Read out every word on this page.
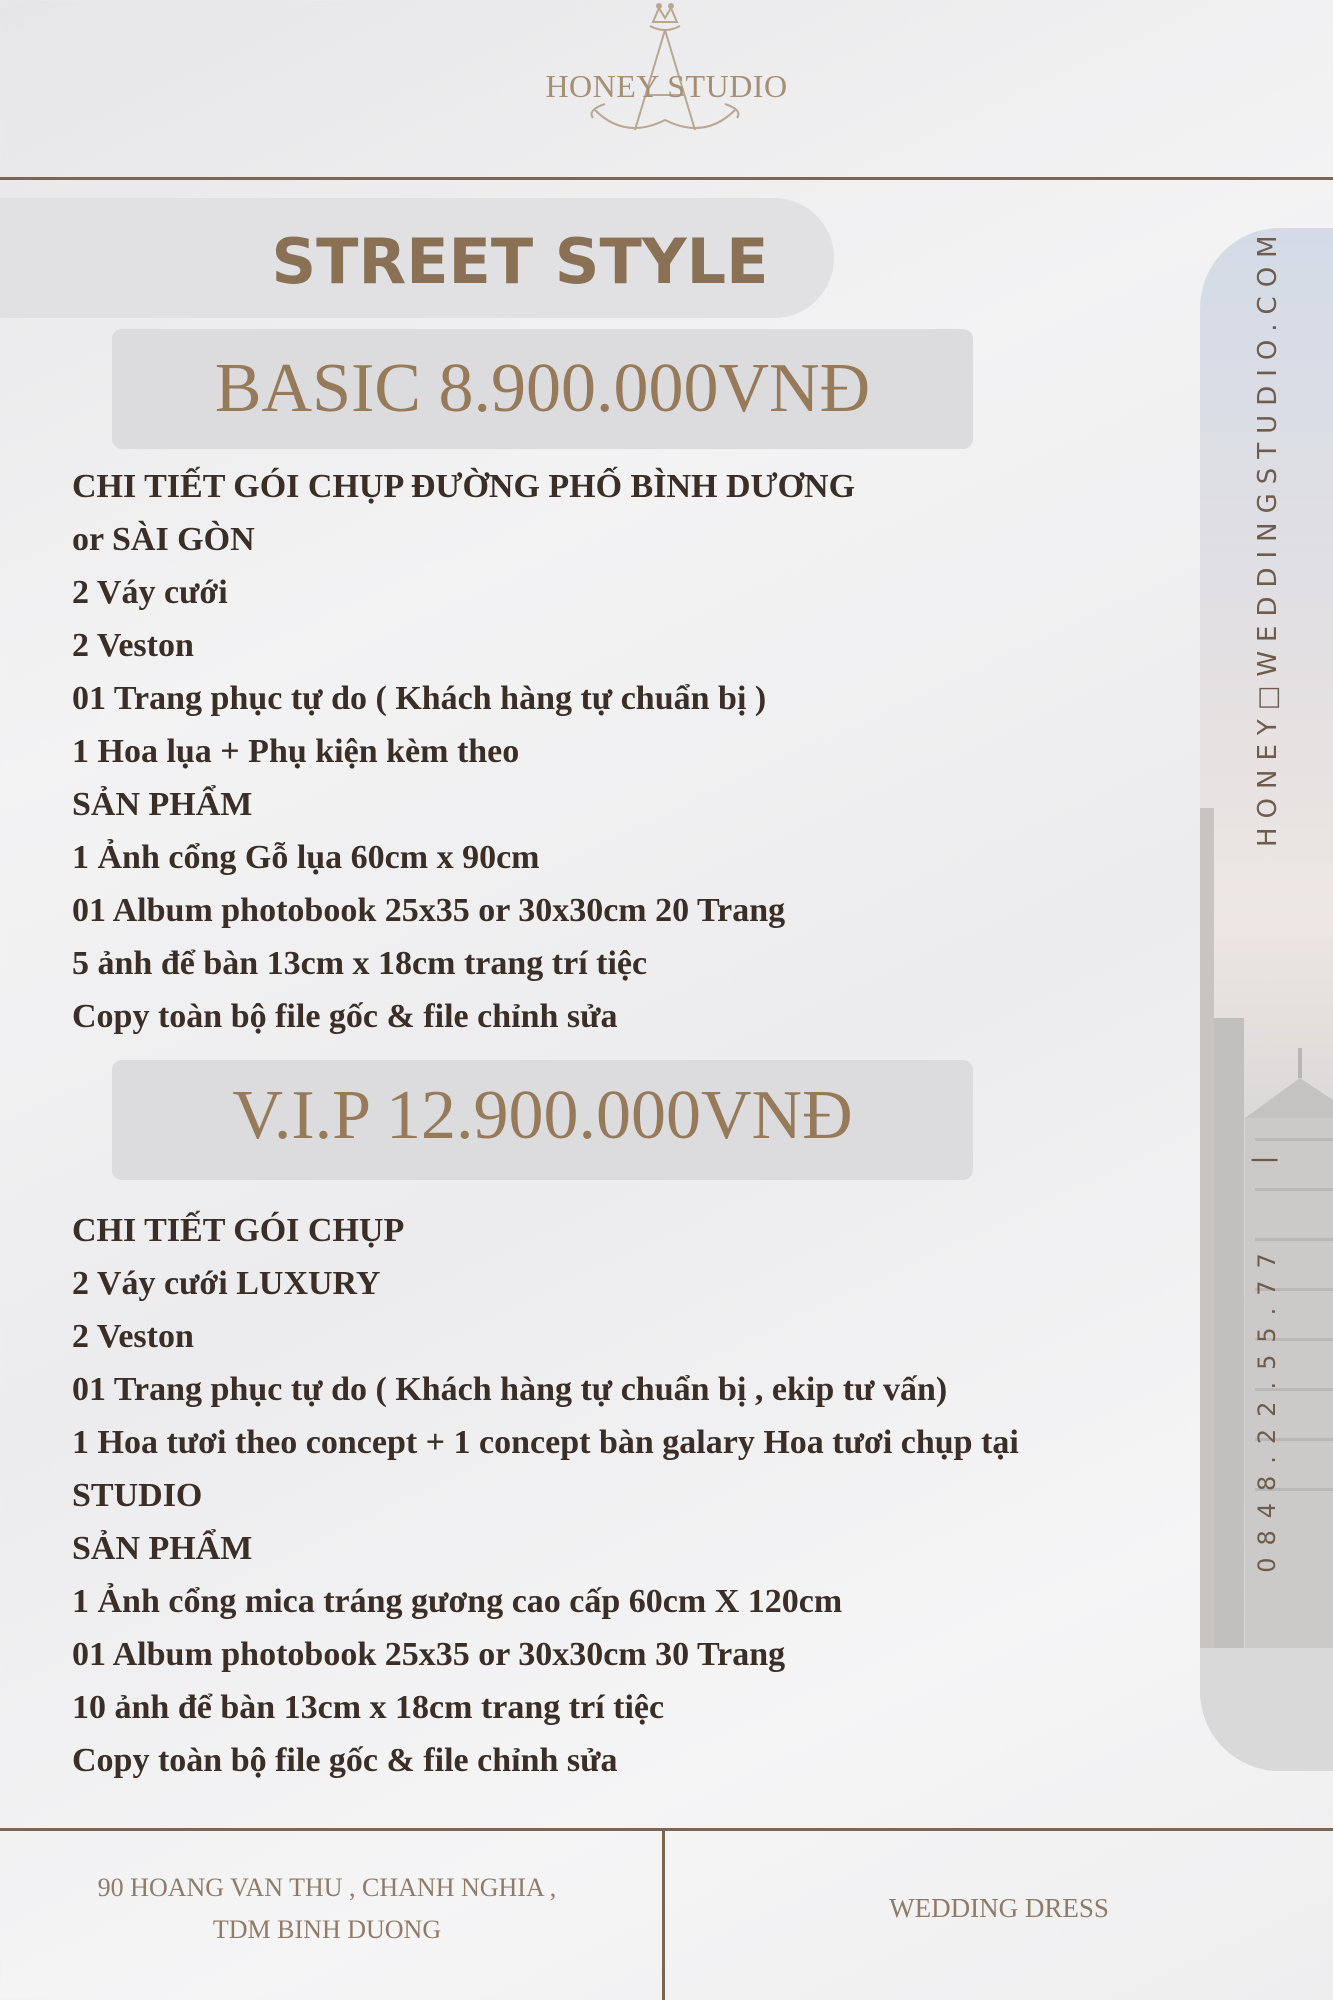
HONEY STUDIO
STREET STYLE
BASIC 8.900.000VNĐ
CHI TIẾT GÓI CHỤP ĐƯỜNG PHỐ BÌNH DƯƠNG
or SÀI GÒN
2 Váy cưới
2 Veston
01 Trang phục tự do ( Khách hàng tự chuẩn bị )
1 Hoa lụa + Phụ kiện kèm theo
SẢN PHẨM
1 Ảnh cổng Gỗ lụa 60cm x 90cm
01 Album photobook 25x35 or 30x30cm 20 Trang
5 ảnh để bàn 13cm x 18cm trang trí tiệc
Copy toàn bộ file gốc & file chỉnh sửa
V.I.P 12.900.000VNĐ
CHI TIẾT GÓI CHỤP
2 Váy cưới LUXURY
2 Veston
01 Trang phục tự do ( Khách hàng tự chuẩn bị , ekip tư vấn)
1 Hoa tươi theo concept + 1 concept bàn galary Hoa tươi chụp tại
STUDIO
SẢN PHẨM
1 Ảnh cổng mica tráng gương cao cấp 60cm X 120cm
01 Album photobook 25x35 or 30x30cm 30 Trang
10 ảnh để bàn 13cm x 18cm trang trí tiệc
Copy toàn bộ file gốc & file chỉnh sửa
HONEY□WEDDINGSTUDIO.COM
|
0848.22.55.77
90 HOANG VAN THU , CHANH NGHIA ,
TDM BINH DUONG
WEDDING DRESS
